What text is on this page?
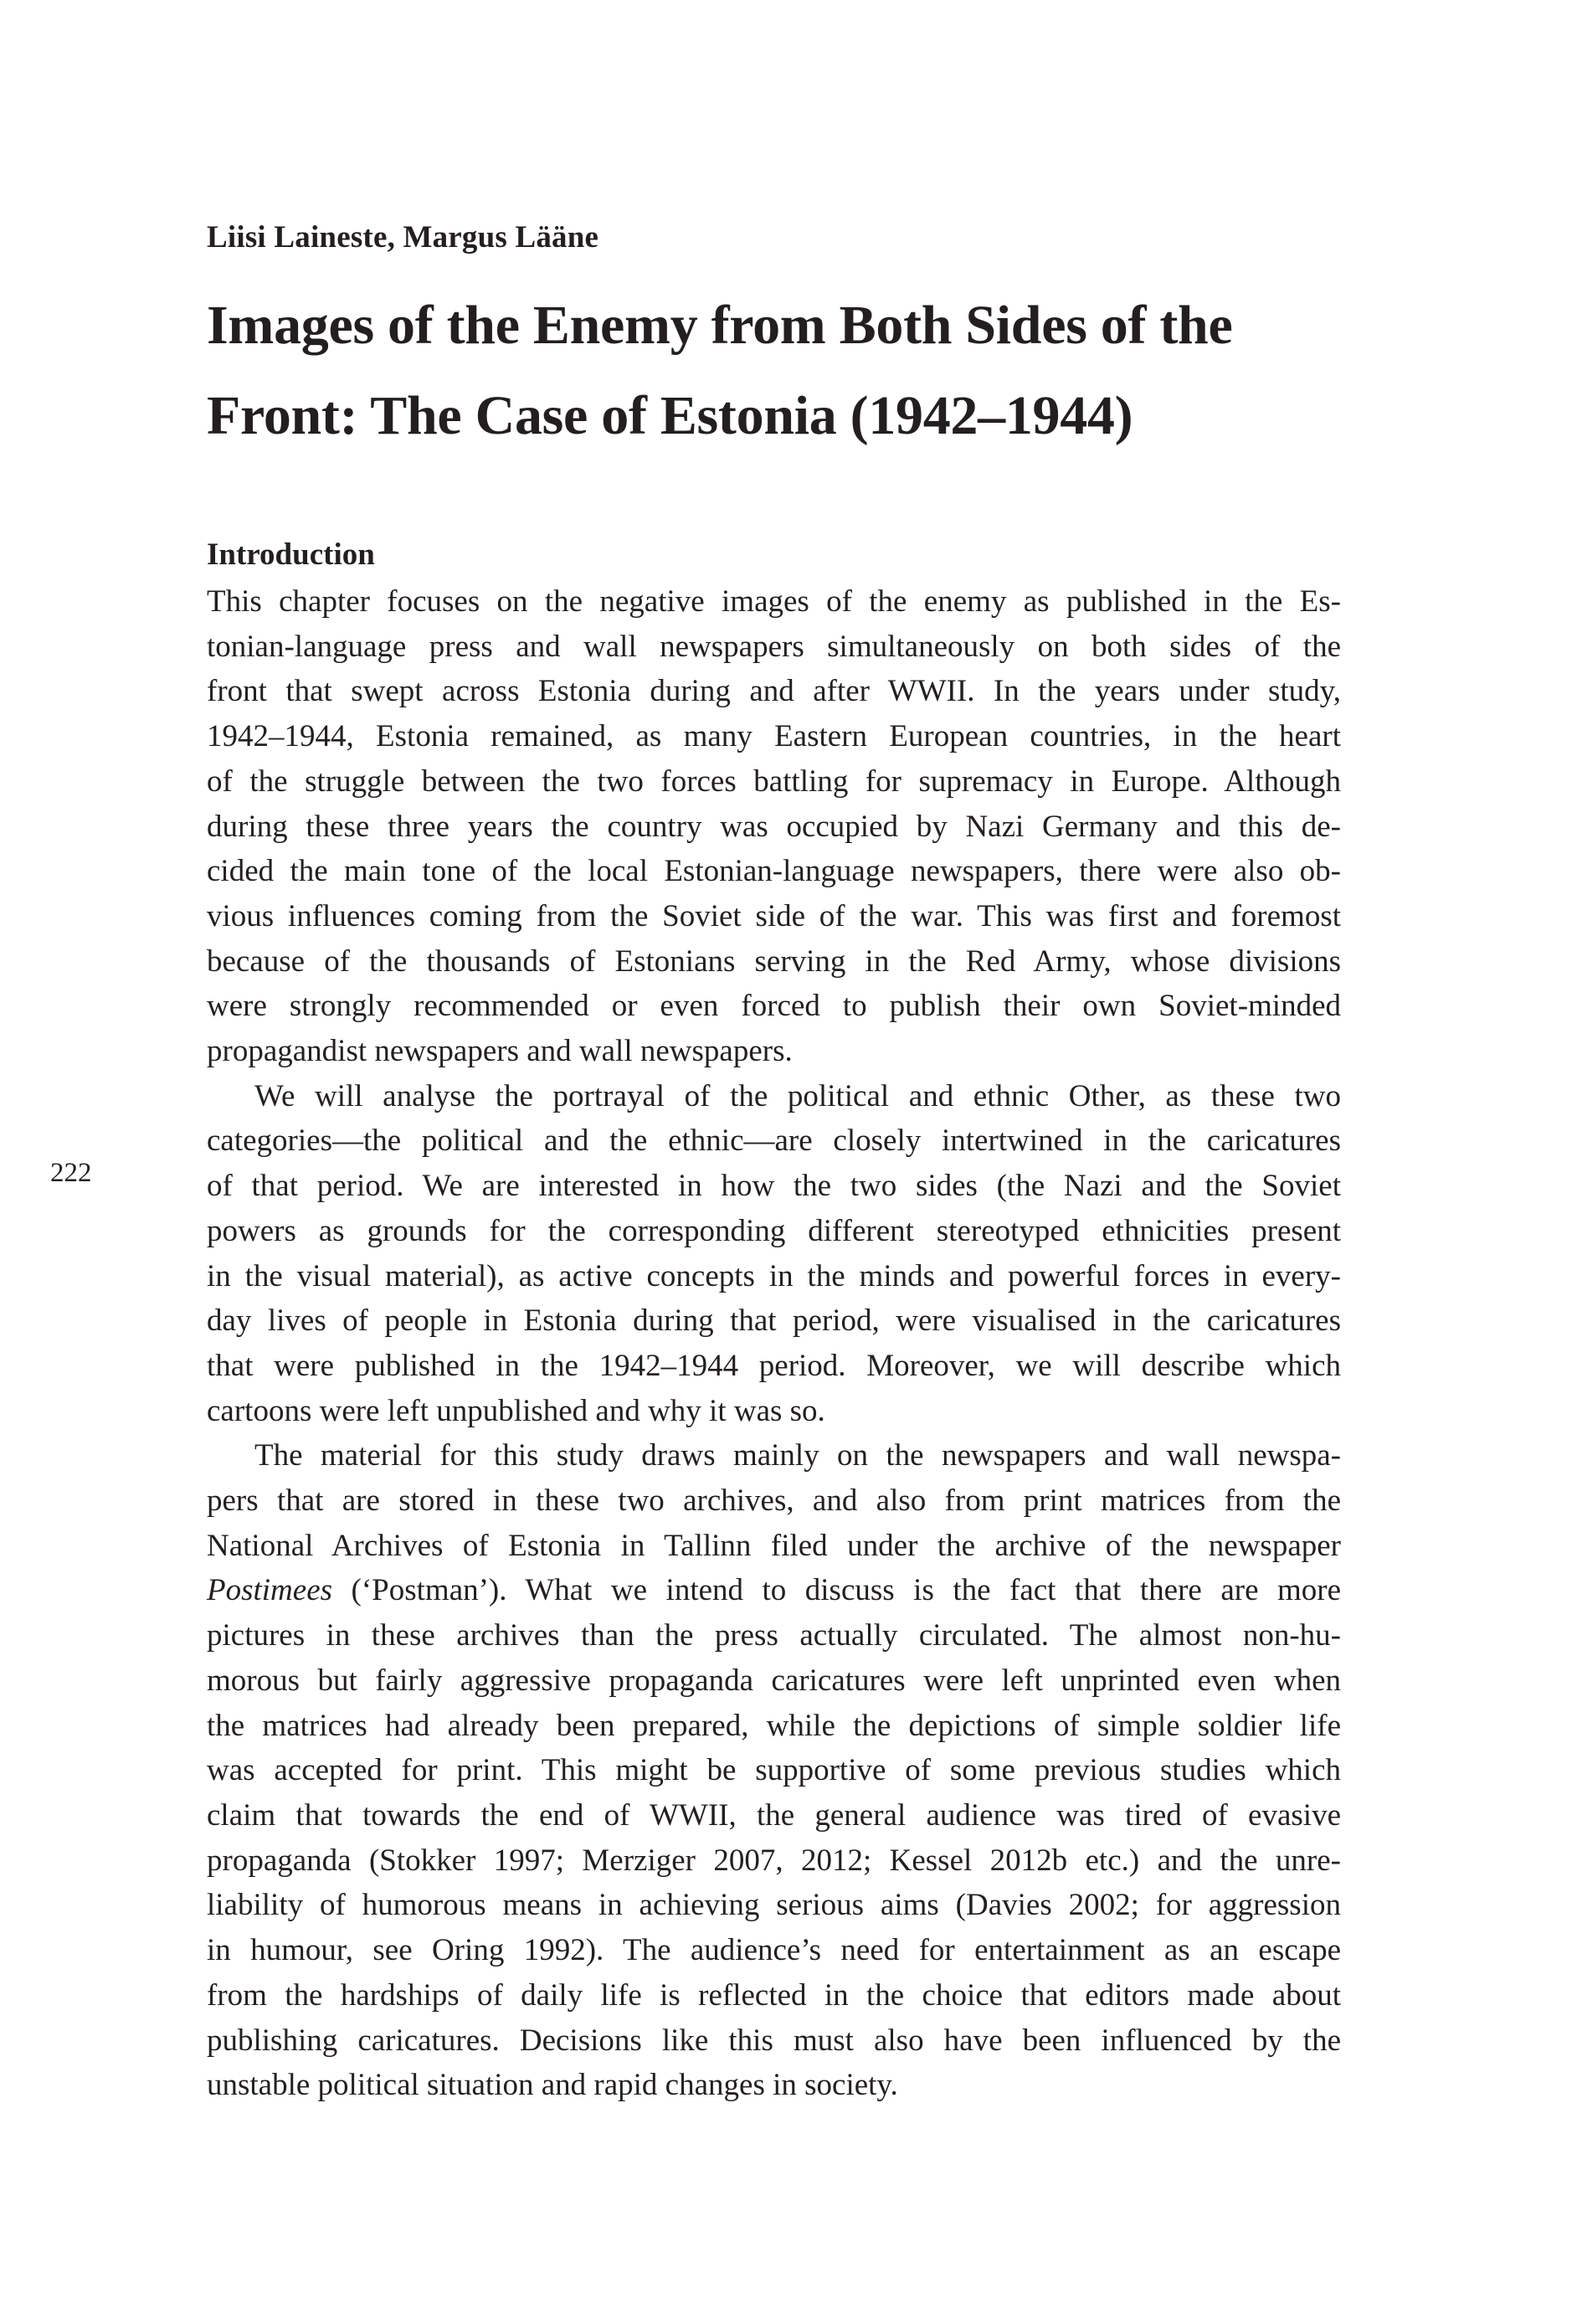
Liisi Laineste, Margus Lääne
Images of the Enemy from Both Sides of the
Front: The Case of Estonia (1942–1944)
Introduction

This chapter focuses on the negative images of the enemy as published in the Es-
tonian-language press and wall newspapers simultaneously on both sides of the
front that swept across Estonia during and after WWII. In the years under study,
1942–1944, Estonia remained, as many Eastern European countries, in the heart
of the struggle between the two forces battling for supremacy in Europe. Although
during these three years the country was occupied by Nazi Germany and this de-
cided the main tone of the local Estonian-language newspapers, there were also ob-
vious influences coming from the Soviet side of the war. This was first and foremost
because of the thousands of Estonians serving in the Red Army, whose divisions
were strongly recommended or even forced to publish their own Soviet-minded
propagandist newspapers and wall newspapers.

We will analyse the portrayal of the political and ethnic Other, as these two
categories—the political and the ethnic—are closely intertwined in the caricatures
of that period. We are interested in how the two sides (the Nazi and the Soviet
powers as grounds for the corresponding different stereotyped ethnicities present
in the visual material), as active concepts in the minds and powerful forces in every-
day lives of people in Estonia during that period, were visualised in the caricatures
that were published in the 1942–1944 period. Moreover, we will describe which
cartoons were left unpublished and why it was so.

The material for this study draws mainly on the newspapers and wall newspa-
pers that are stored in these two archives, and also from print matrices from the
National Archives of Estonia in Tallinn filed under the archive of the newspaper
Postimees (‘Postman’). What we intend to discuss is the fact that there are more
pictures in these archives than the press actually circulated. The almost non-hu-
morous but fairly aggressive propaganda caricatures were left unprinted even when
the matrices had already been prepared, while the depictions of simple soldier life
was accepted for print. This might be supportive of some previous studies which
claim that towards the end of WWII, the general audience was tired of evasive
propaganda (Stokker 1997; Merziger 2007, 2012; Kessel 2012b etc.) and the unre-
liability of humorous means in achieving serious aims (Davies 2002; for aggression
in humour, see Oring 1992). The audience’s need for entertainment as an escape
from the hardships of daily life is reflected in the choice that editors made about
publishing caricatures. Decisions like this must also have been influenced by the
unstable political situation and rapid changes in society.

222
